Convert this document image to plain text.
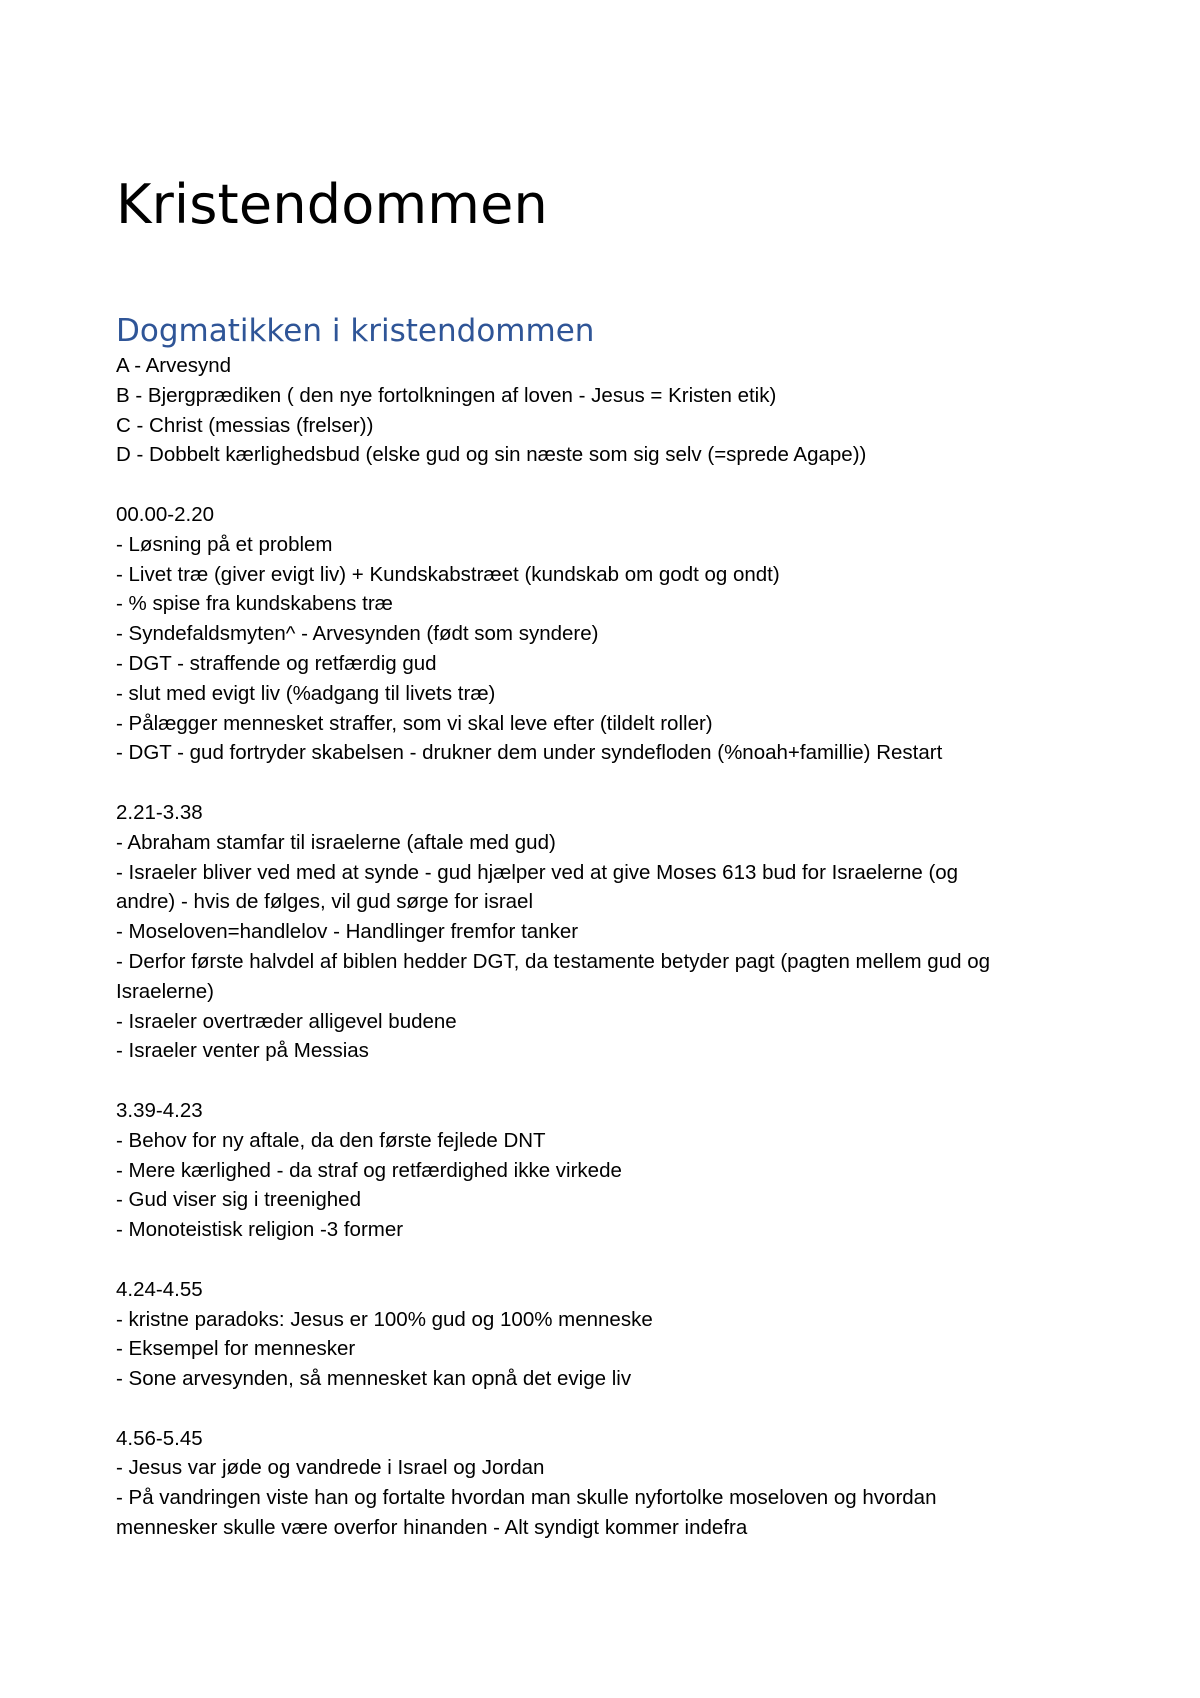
Kristendommen
Dogmatikken i kristendommen

A - Arvesynd

B - Bjergprædiken ( den nye fortolkningen af loven - Jesus = Kristen etik)

C - Christ (messias (frelser))

D - Dobbelt kærlighedsbud (elske gud og sin næste som sig selv (=sprede Agape))

00.00-2.20

- Løsning på et problem

- Livet træ (giver evigt liv) + Kundskabstræet (kundskab om godt og ondt)

- % spise fra kundskabens træ

- Syndefaldsmyten^ - Arvesynden (født som syndere)

- DGT - straffende og retfærdig gud

- slut med evigt liv (%adgang til livets træ)

- Pålægger mennesket straffer, som vi skal leve efter (tildelt roller)

- DGT - gud fortryder skabelsen - drukner dem under syndefloden (%noah+famillie) Restart

2.21-3.38

- Abraham stamfar til israelerne (aftale med gud)

- Israeler bliver ved med at synde - gud hjælper ved at give Moses 613 bud for Israelerne (og

andre) - hvis de følges, vil gud sørge for israel

- Moseloven=handlelov - Handlinger fremfor tanker

- Derfor første halvdel af biblen hedder DGT, da testamente betyder pagt (pagten mellem gud og

Israelerne)

- Israeler overtræder alligevel budene

- Israeler venter på Messias

3.39-4.23

- Behov for ny aftale, da den første fejlede DNT

- Mere kærlighed - da straf og retfærdighed ikke virkede

- Gud viser sig i treenighed

- Monoteistisk religion -3 former

4.24-4.55

- kristne paradoks: Jesus er 100% gud og 100% menneske

- Eksempel for mennesker

- Sone arvesynden, så mennesket kan opnå det evige liv

4.56-5.45

- Jesus var jøde og vandrede i Israel og Jordan

- På vandringen viste han og fortalte hvordan man skulle nyfortolke moseloven og hvordan

mennesker skulle være overfor hinanden - Alt syndigt kommer indefra
